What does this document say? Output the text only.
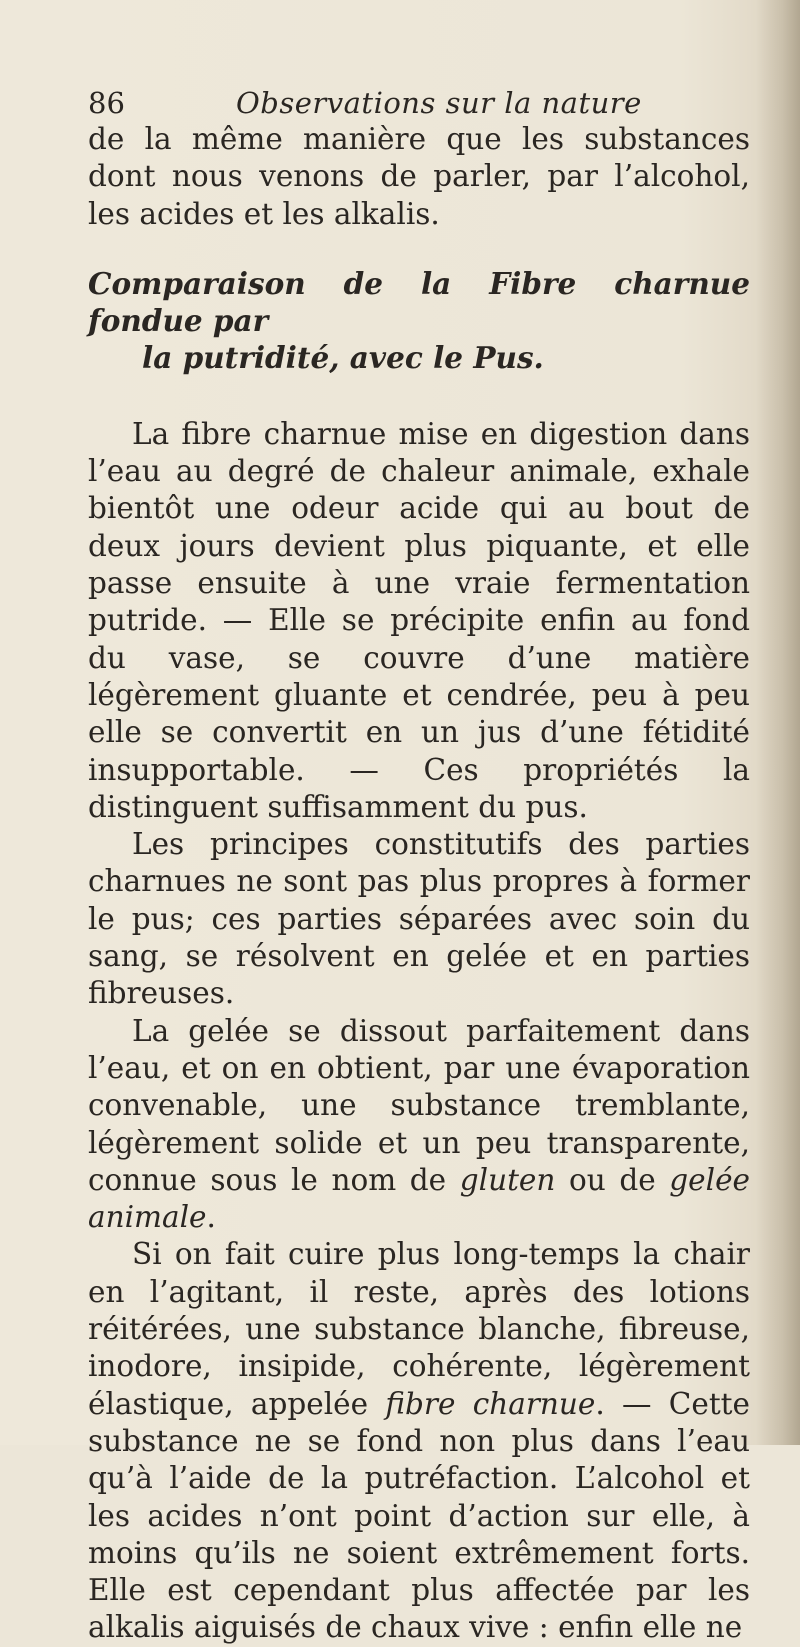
86	Observations sur la nature

de la même manière que les substances dont nous venons de parler, par l’alcohol, les acides et les alkalis.

Comparaison de la Fibre charnue fondue par
la putridité, avec le Pus.

La fibre charnue mise en digestion dans l’eau au degré de chaleur animale, exhale bientôt une odeur acide qui au bout de deux jours devient plus piquante, et elle passe ensuite à une vraie fermentation putride. — Elle se précipite enfin au fond du vase, se couvre d’une matière légèrement gluante et cendrée, peu à peu elle se convertit en un jus d’une fétidité insupportable. — Ces propriétés la distinguent suffisamment du pus.

Les principes constitutifs des parties charnues ne sont pas plus propres à former le pus; ces parties séparées avec soin du sang, se résolvent en gelée et en parties fibreuses.

La gelée se dissout parfaitement dans l’eau, et on en obtient, par une évaporation convenable, une substance tremblante, légèrement solide et un peu transparente, connue sous le nom de gluten ou de gelée animale.

Si on fait cuire plus long-temps la chair en l’agitant, il reste, après des lotions réitérées, une substance blanche, fibreuse, inodore, insipide, cohérente, légèrement élastique, appelée fibre charnue. — Cette substance ne se fond non plus dans l’eau qu’à l’aide de la putréfaction. L’alcohol et les acides n’ont point d’action sur elle, à moins qu’ils ne soient extrêmement forts. Elle est cependant plus affectée par les alkalis aiguisés de chaux vive : enfin elle ne
